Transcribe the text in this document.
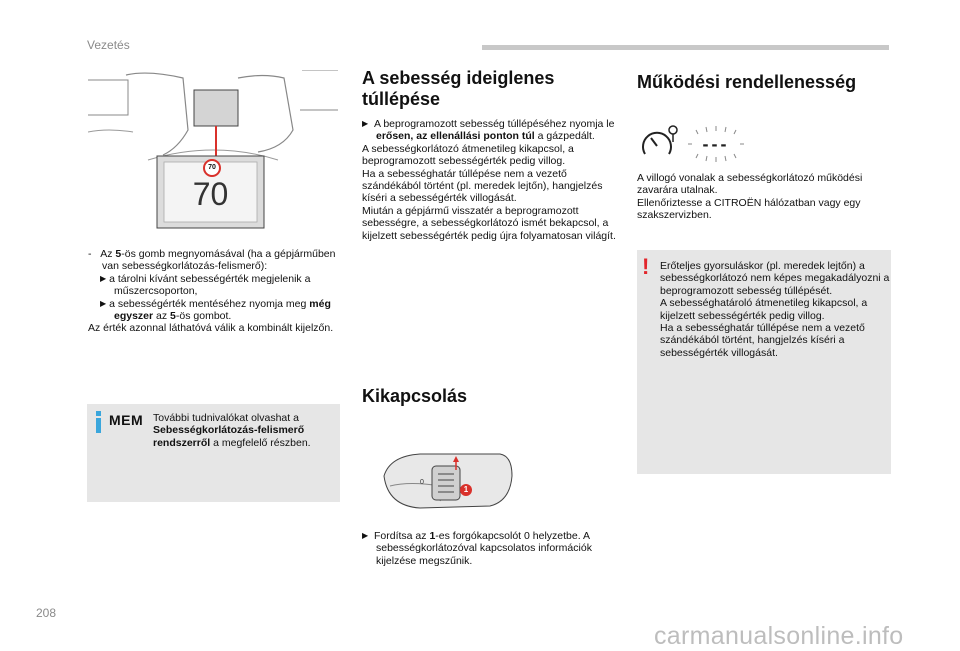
Vezetés
208
carmanualsonline.info
70
70

-   Az 5-ös gomb megnyomásával (ha a gépjárműben van sebességkorlátozás-felismerő):

▶ a tárolni kívánt sebességérték megjelenik a műszercsoporton,

▶ a sebességérték mentéséhez nyomja meg még egyszer az 5-ös gombot.

Az érték azonnal láthatóvá válik a kombinált kijelzőn.

MEM További tudnivalókat olvashat a Sebességkorlátozás-felismerő rendszerről a megfelelő részben.
A sebesség ideiglenes túllépése

▶ A beprogramozott sebesség túllépéséhez nyomja le erősen, az ellenállási ponton túl a gázpedált.

A sebességkorlátozó átmenetileg kikapcsol, a beprogramozott sebességérték pedig villog.

Ha a sebességhatár túllépése nem a vezető szándékából történt (pl. meredek lejtőn), hangjelzés kíséri a sebességérték villogását.

Miután a gépjármű visszatér a beprogramozott sebességre, a sebességkorlátozó ismét bekapcsol, a kijelzett sebességérték pedig újra folyamatosan világít.

Kikapcsolás
0
1

▶ Fordítsa az 1-es forgókapcsolót 0 helyzetbe. A sebességkorlátozóval kapcsolatos információk kijelzése megszűnik.

Működési rendellenesség
---

A villogó vonalak a sebességkorlátozó működési zavarára utalnak.

Ellenőriztesse a CITROËN hálózatban vagy egy szakszervizben.

! Erőteljes gyorsuláskor (pl. meredek lejtőn) a sebességkorlátozó nem képes megakadályozni a beprogramozott sebesség túllépését.

A sebességhatároló átmenetileg kikapcsol, a kijelzett sebességérték pedig villog.

Ha a sebességhatár túllépése nem a vezető szándékából történt, hangjelzés kíséri a sebességérték villogását.
